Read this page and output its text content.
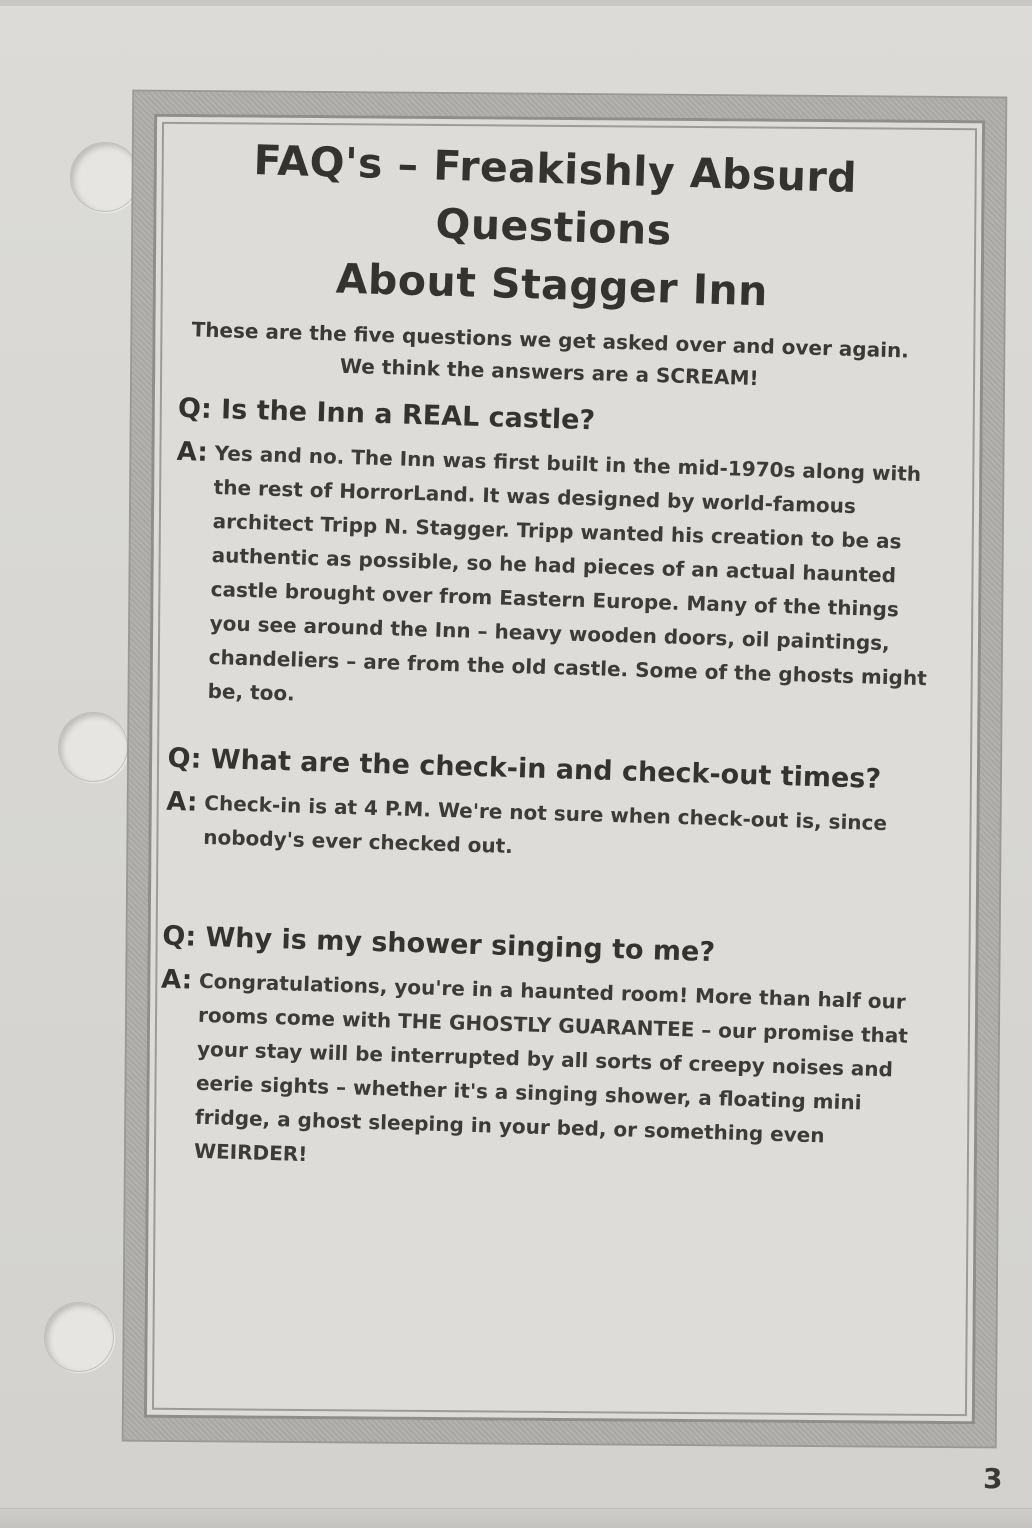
FAQ's – Freakishly Absurd Questions
About Stagger Inn
These are the five questions we get asked over and over again.
We think the answers are a SCREAM!
Q: Is the Inn a REAL castle?
A: Yes and no. The Inn was first built in the mid-1970s along with the rest of HorrorLand. It was designed by world-famous architect Tripp N. Stagger. Tripp wanted his creation to be as authentic as possible, so he had pieces of an actual haunted castle brought over from Eastern Europe. Many of the things you see around the Inn – heavy wooden doors, oil paintings, chandeliers – are from the old castle. Some of the ghosts might be, too.
Q: What are the check-in and check-out times?
A: Check-in is at 4 P.M. We're not sure when check-out is, since nobody's ever checked out.
Q: Why is my shower singing to me?
A: Congratulations, you're in a haunted room! More than half our rooms come with THE GHOSTLY GUARANTEE – our promise that your stay will be interrupted by all sorts of creepy noises and eerie sights – whether it's a singing shower, a floating mini fridge, a ghost sleeping in your bed, or something even WEIRDER!
3
